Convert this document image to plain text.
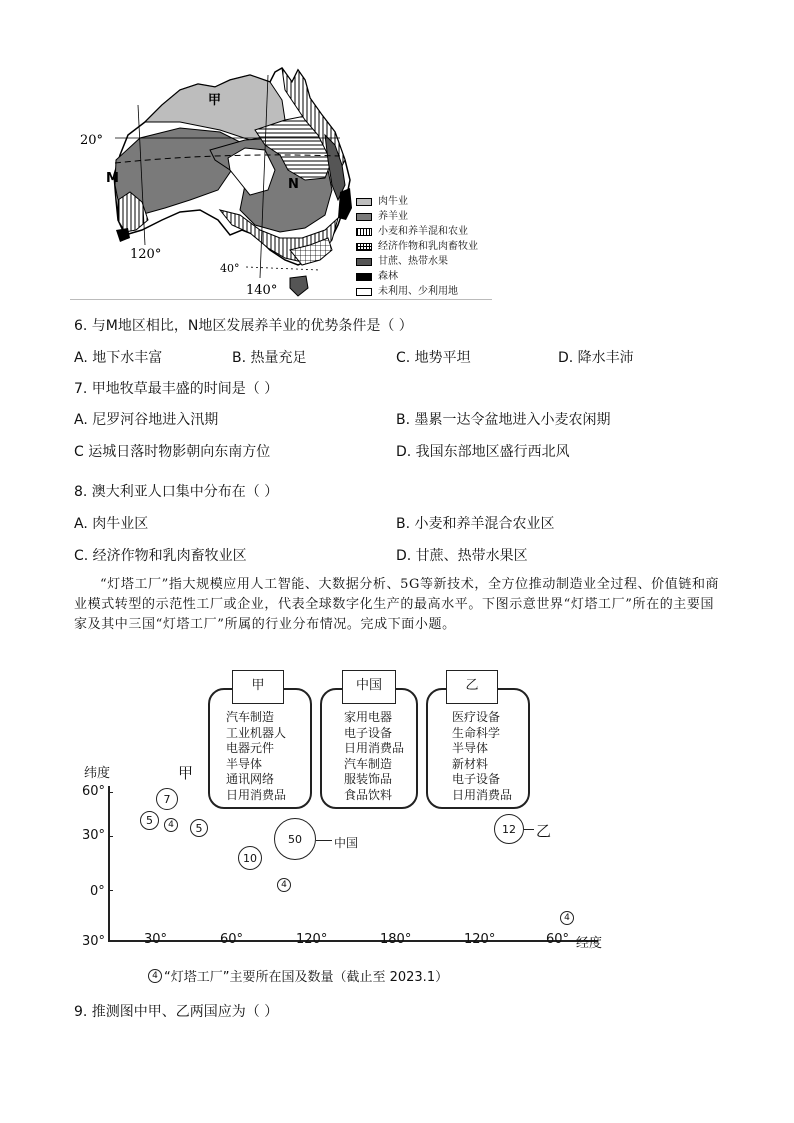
甲
M	N
20°
40°
120°
140°
肉牛业
养羊业
小麦和养羊混和农业
经济作物和乳肉畜牧业
甘蔗、热带水果
森林
未利用、少利用地
6. 与M地区相比，N地区发展养羊业的优势条件是（ ）
A. 地下水丰富	B. 热量充足	C. 地势平坦	D. 降水丰沛
7. 甲地牧草最丰盛的时间是（ ）
A. 尼罗河谷地进入汛期	B. 墨累一达令盆地进入小麦农闲期
C 运城日落时物影朝向东南方位	D. 我国东部地区盛行西北风
8. 澳大利亚人口集中分布在（ ）
A. 肉牛业区	B. 小麦和养羊混合农业区
C. 经济作物和乳肉畜牧业区	D. 甘蔗、热带水果区
“灯塔工厂”指大规模应用人工智能、大数据分析、5G等新技术，全方位推动制造业全过程、价值链和商业模式转型的示范性工厂或企业，代表全球数字化生产的最高水平。下图示意世界“灯塔工厂”所在的主要国家及其中三国“灯塔工厂”所属的行业分布情况。完成下面小题。
汽车制造
工业机器人
电器元件
半导体
通讯网络
日用消费品
甲
家用电器
电子设备
日用消费品
汽车制造
服装饰品
食品饮料
中国
医疗设备
生命科学
半导体
新材料
电子设备
日用消费品
乙
纬度
60°
30°
0°
30°	30°	60°	120°	180°	120°	60° 经度
甲
7
5	4	5
50	中国
10
4
12	乙
4
4 “灯塔工厂”主要所在国及数量（截止至 2023.1）
9. 推测图中甲、乙两国应为（ ）
